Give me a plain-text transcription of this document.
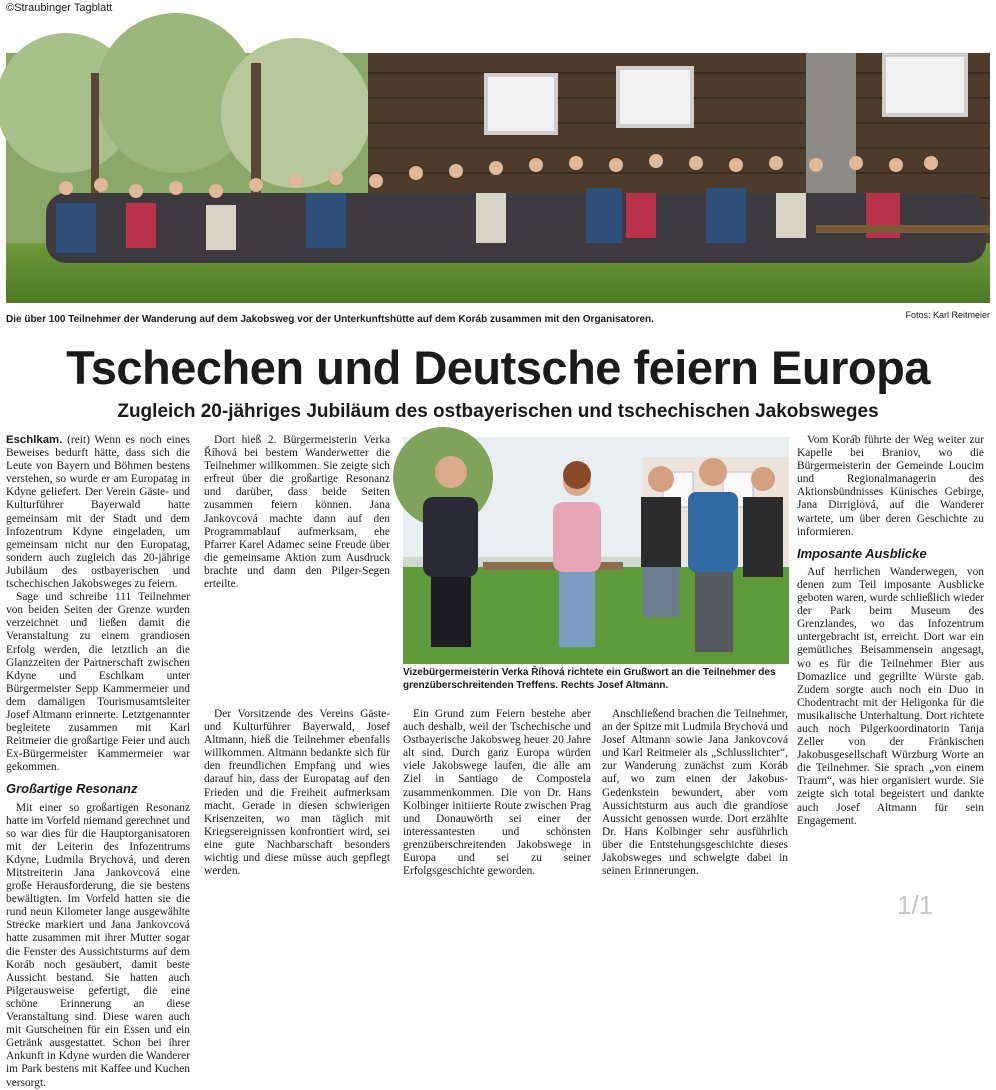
©Straubinger Tagblatt
Die über 100 Teilnehmer der Wanderung auf dem Jakobsweg vor der Unterkunftshütte auf dem Koráb zusammen mit den Organisatoren.	Fotos: Karl Reitmeier
Tschechen und Deutsche feiern Europa
Zugleich 20-jähriges Jubiläum des ostbayerischen und tschechischen Jakobsweges

Eschlkam. (reit) Wenn es noch eines Beweises bedurft hätte, dass sich die Leute von Bayern und Böhmen bestens verstehen, so wurde er am Europatag in Kdyne geliefert. Der Verein Gäste- und Kulturführer Bayerwald hatte gemeinsam mit der Stadt und dem Infozentrum Kdyne eingeladen, um gemeinsam nicht nur den Europatag, sondern auch zugleich das 20-jährige Jubiläum des ostbayerischen und tschechischen Jakobsweges zu feiern.

Sage und schreibe 111 Teilnehmer von beiden Seiten der Grenze wurden verzeichnet und ließen damit die Veranstaltung zu einem grandiosen Erfolg werden, die letztlich an die Glanzzeiten der Partnerschaft zwischen Kdyne und Eschlkam unter Bürgermeister Sepp Kammermeier und dem damaligen Tourismusamtsleiter Josef Altmann erinnerte. Letztgenannter begleitete zusammen mit Karl Reitmeier die großartige Feier und auch Ex-Bürgermeister Kammermeier war gekommen.

Großartige Resonanz

Mit einer so großartigen Resonanz hatte im Vorfeld niemand gerechnet und so war dies für die Hauptorganisatoren mit der Leiterin des Infozentrums Kdyne, Ludmila Brychová, und deren Mitstreiterin Jana Jankovcová eine große Herausforderung, die sie bestens bewältigten. Im Vorfeld hatten sie die rund neun Kilometer lange ausgewählte Strecke markiert und Jana Jankovcová hatte zusammen mit ihrer Mutter sogar die Fenster des Aussichtsturms auf dem Koráb noch gesäubert, damit beste Aussicht bestand. Sie hatten auch Pilgerausweise gefertigt, die eine schöne Erinnerung an diese Veranstaltung sind. Diese waren auch mit Gutscheinen für ein Essen und ein Getränk ausgestattet. Schon bei ihrer Ankunft in Kdyne wurden die Wanderer im Park bestens mit Kaffee und Kuchen versorgt.

Dort hieß 2. Bürgermeisterin Verka Říhová bei bestem Wanderwetter die Teilnehmer willkommen. Sie zeigte sich erfreut über die großartige Resonanz und darüber, dass beide Seiten zusammen feiern können. Jana Jankovcová machte dann auf den Programmablauf aufmerksam, ehe Pfarrer Karel Adamec seine Freude über die gemeinsame Aktion zum Ausdruck brachte und dann den Pilger-Segen erteilte.

Vizebürgermeisterin Verka Říhová richtete ein Grußwort an die Teilnehmer des grenzüberschreitenden Treffens. Rechts Josef Altmann.

Der Vorsitzende des Vereins Gäste- und Kulturführer Bayerwald, Josef Altmann, hieß die Teilnehmer ebenfalls willkommen. Altmann bedankte sich für den freundlichen Empfang und wies darauf hin, dass der Europatag auf den Frieden und die Freiheit aufmerksam macht. Gerade in diesen schwierigen Krisenzeiten, wo man täglich mit Kriegsereignissen konfrontiert wird, sei eine gute Nachbarschaft besonders wichtig und diese müsse auch gepflegt werden.

Ein Grund zum Feiern bestehe aber auch deshalb, weil der Tschechische und Ostbayerische Jakobsweg heuer 20 Jahre alt sind. Durch ganz Europa würden viele Jakobswege laufen, die alle am Ziel in Santiago de Compostela zusammenkommen. Die von Dr. Hans Kolbinger initiierte Route zwischen Prag und Donauwörth sei einer der interessantesten und schönsten grenzüberschreitenden Jakobswege in Europa und sei zu seiner Erfolgsgeschichte geworden.

Anschließend brachen die Teilnehmer, an der Spitze mit Ludmila Brychová und Josef Altmann sowie Jana Jankovcová und Karl Reitmeier als „Schlusslichter“, zur Wanderung zunächst zum Koráb auf, wo zum einen der Jakobus-Gedenkstein bewundert, aber vom Aussichtsturm aus auch die grandiose Aussicht genossen wurde. Dort erzählte Dr. Hans Kolbinger sehr ausführlich über die Entstehungsgeschichte dieses Jakobsweges und schwelgte dabei in seinen Erinnerungen.

Vom Koráb führte der Weg weiter zur Kapelle bei Braniov, wo die Bürgermeisterin der Gemeinde Loucim und Regionalmanagerin des Aktionsbündnisses Künisches Gebirge, Jana Dirriglová, auf die Wanderer wartete, um über deren Geschichte zu informieren.

Imposante Ausblicke

Auf herrlichen Wanderwegen, von denen zum Teil imposante Ausblicke geboten waren, wurde schließlich wieder der Park beim Museum des Grenzlandes, wo das Infozentrum untergebracht ist, erreicht. Dort war ein gemütliches Beisammensein angesagt, wo es für die Teilnehmer Bier aus Domazlice und gegrillte Würste gab. Zudem sorgte auch noch ein Duo in Chodentracht mit der Heligonka für die musikalische Unterhaltung. Dort richtete auch noch Pilgerkoordinatorin Tanja Zeller von der Fränkischen Jakobusgesellschaft Würzburg Worte an die Teilnehmer. Sie sprach „von einem Traum“, was hier organisiert wurde. Sie zeigte sich total begeistert und dankte auch Josef Altmann für sein Engagement.

1/1
